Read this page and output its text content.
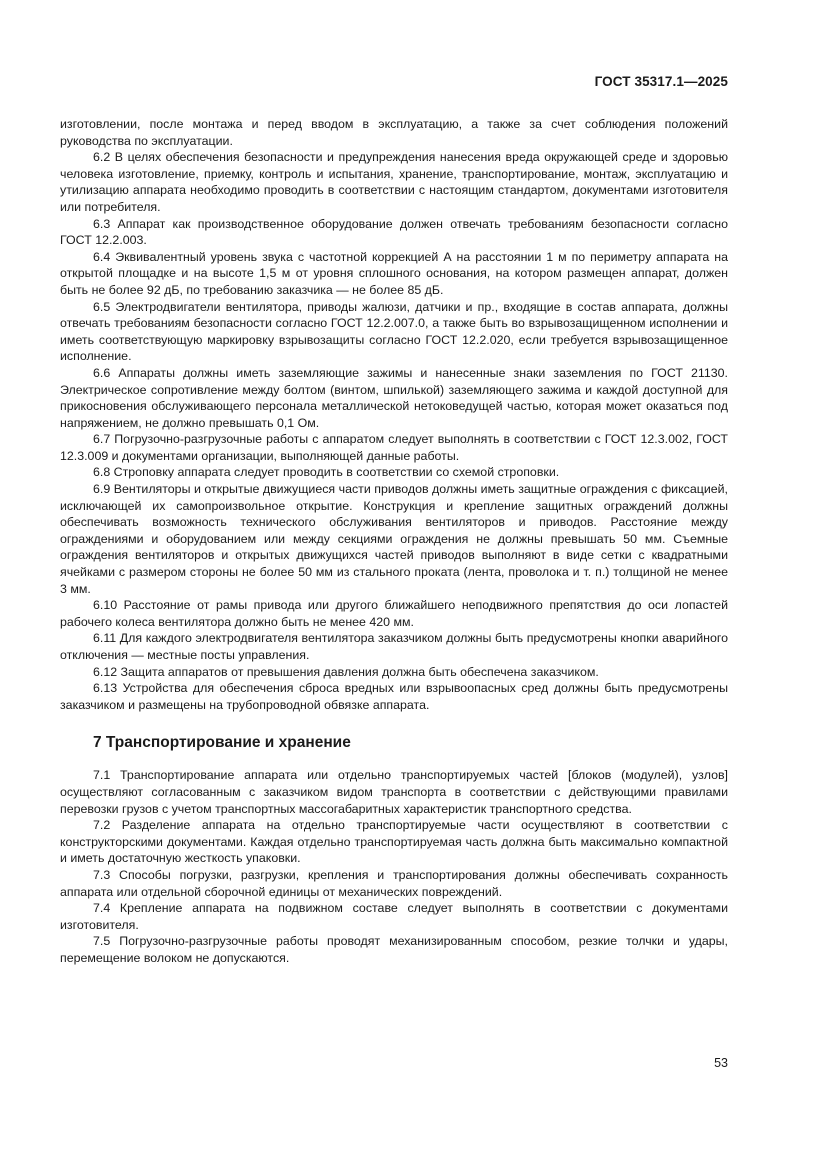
ГОСТ 35317.1—2025

изготовлении, после монтажа и перед вводом в эксплуатацию, а также за счет соблюдения положений руководства по эксплуатации.

6.2 В целях обеспечения безопасности и предупреждения нанесения вреда окружающей среде и здоровью человека изготовление, приемку, контроль и испытания, хранение, транспортирование, монтаж, эксплуатацию и утилизацию аппарата необходимо проводить в соответствии с настоящим стандартом, документами изготовителя или потребителя.

6.3 Аппарат как производственное оборудование должен отвечать требованиям безопасности согласно ГОСТ 12.2.003.

6.4 Эквивалентный уровень звука с частотной коррекцией А на расстоянии 1 м по периметру аппарата на открытой площадке и на высоте 1,5 м от уровня сплошного основания, на котором размещен аппарат, должен быть не более 92 дБ, по требованию заказчика — не более 85 дБ.

6.5 Электродвигатели вентилятора, приводы жалюзи, датчики и пр., входящие в состав аппарата, должны отвечать требованиям безопасности согласно ГОСТ 12.2.007.0, а также быть во взрывозащищенном исполнении и иметь соответствующую маркировку взрывозащиты согласно ГОСТ 12.2.020, если требуется взрывозащищенное исполнение.

6.6 Аппараты должны иметь заземляющие зажимы и нанесенные знаки заземления по ГОСТ 21130. Электрическое сопротивление между болтом (винтом, шпилькой) заземляющего зажима и каждой доступной для прикосновения обслуживающего персонала металлической нетоковедущей частью, которая может оказаться под напряжением, не должно превышать 0,1 Ом.

6.7 Погрузочно-разгрузочные работы с аппаратом следует выполнять в соответствии с ГОСТ 12.3.002, ГОСТ 12.3.009 и документами организации, выполняющей данные работы.

6.8 Строповку аппарата следует проводить в соответствии со схемой строповки.

6.9 Вентиляторы и открытые движущиеся части приводов должны иметь защитные ограждения с фиксацией, исключающей их самопроизвольное открытие. Конструкция и крепление защитных ограждений должны обеспечивать возможность технического обслуживания вентиляторов и приводов. Расстояние между ограждениями и оборудованием или между секциями ограждения не должны превышать 50 мм. Съемные ограждения вентиляторов и открытых движущихся частей приводов выполняют в виде сетки с квадратными ячейками с размером стороны не более 50 мм из стального проката (лента, проволока и т. п.) толщиной не менее 3 мм.

6.10 Расстояние от рамы привода или другого ближайшего неподвижного препятствия до оси лопастей рабочего колеса вентилятора должно быть не менее 420 мм.

6.11 Для каждого электродвигателя вентилятора заказчиком должны быть предусмотрены кнопки аварийного отключения — местные посты управления.

6.12 Защита аппаратов от превышения давления должна быть обеспечена заказчиком.

6.13 Устройства для обеспечения сброса вредных или взрывоопасных сред должны быть предусмотрены заказчиком и размещены на трубопроводной обвязке аппарата.

7 Транспортирование и хранение

7.1 Транспортирование аппарата или отдельно транспортируемых частей [блоков (модулей), узлов] осуществляют согласованным с заказчиком видом транспорта в соответствии с действующими правилами перевозки грузов с учетом транспортных массогабаритных характеристик транспортного средства.

7.2 Разделение аппарата на отдельно транспортируемые части осуществляют в соответствии с конструкторскими документами. Каждая отдельно транспортируемая часть должна быть максимально компактной и иметь достаточную жесткость упаковки.

7.3 Способы погрузки, разгрузки, крепления и транспортирования должны обеспечивать сохранность аппарата или отдельной сборочной единицы от механических повреждений.

7.4 Крепление аппарата на подвижном составе следует выполнять в соответствии с документами изготовителя.

7.5 Погрузочно-разгрузочные работы проводят механизированным способом, резкие толчки и удары, перемещение волоком не допускаются.

53
